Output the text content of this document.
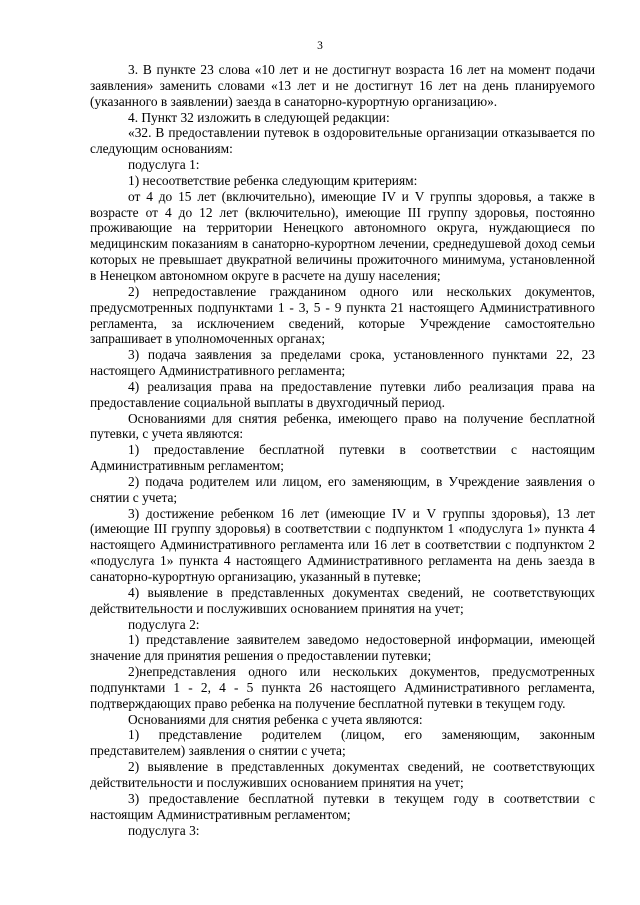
3

3. В пункте 23 слова «10 лет и не достигнут возраста 16 лет на момент подачи заявления» заменить словами «13 лет и не достигнут 16 лет на день планируемого (указанного в заявлении) заезда в санаторно-курортную организацию».

4. Пункт 32 изложить в следующей редакции:

«32. В предоставлении путевок в оздоровительные организации отказывается по следующим основаниям:

подуслуга 1:

1) несоответствие ребенка следующим критериям:

от 4 до 15 лет (включительно), имеющие IV и V группы здоровья, а также в возрасте от 4 до 12 лет (включительно), имеющие III группу здоровья, постоянно проживающие на территории Ненецкого автономного округа, нуждающиеся по медицинским показаниям в санаторно-курортном лечении, среднедушевой доход семьи которых не превышает двукратной величины прожиточного минимума, установленной в Ненецком автономном округе в расчете на душу населения;

2) непредоставление гражданином одного или нескольких документов, предусмотренных подпунктами 1 - 3, 5 - 9 пункта 21 настоящего Административного регламента, за исключением сведений, которые Учреждение самостоятельно запрашивает в уполномоченных органах;

3) подача заявления за пределами срока, установленного пунктами 22, 23 настоящего Административного регламента;

4) реализация права на предоставление путевки либо реализация права на предоставление социальной выплаты в двухгодичный период.

Основаниями для снятия ребенка, имеющего право на получение бесплатной путевки, с учета являются:

1) предоставление бесплатной путевки в соответствии с настоящим Административным регламентом;

2) подача родителем или лицом, его заменяющим, в Учреждение заявления о снятии с учета;

3) достижение ребенком 16 лет (имеющие IV и V группы здоровья), 13 лет (имеющие III группу здоровья) в соответствии с подпунктом 1 «подуслуга 1» пункта 4 настоящего Административного регламента или 16 лет в соответствии с подпунктом 2 «подуслуга 1» пункта 4 настоящего Административного регламента на день заезда в санаторно-курортную организацию, указанный в путевке;

4) выявление в представленных документах сведений, не соответствующих действительности и послуживших основанием принятия на учет;

подуслуга 2:

1) представление заявителем заведомо недостоверной информации, имеющей значение для принятия решения о предоставлении путевки;

2)непредставления одного или нескольких документов, предусмотренных подпунктами 1 - 2, 4 - 5 пункта 26 настоящего Административного регламента, подтверждающих право ребенка на получение бесплатной путевки в текущем году.

Основаниями для снятия ребенка с учета являются:

1) представление родителем (лицом, его заменяющим, законным представителем) заявления о снятии с учета;

2) выявление в представленных документах сведений, не соответствующих действительности и послуживших основанием принятия на учет;

3) предоставление бесплатной путевки в текущем году в соответствии с настоящим Административным регламентом;

подуслуга 3:
